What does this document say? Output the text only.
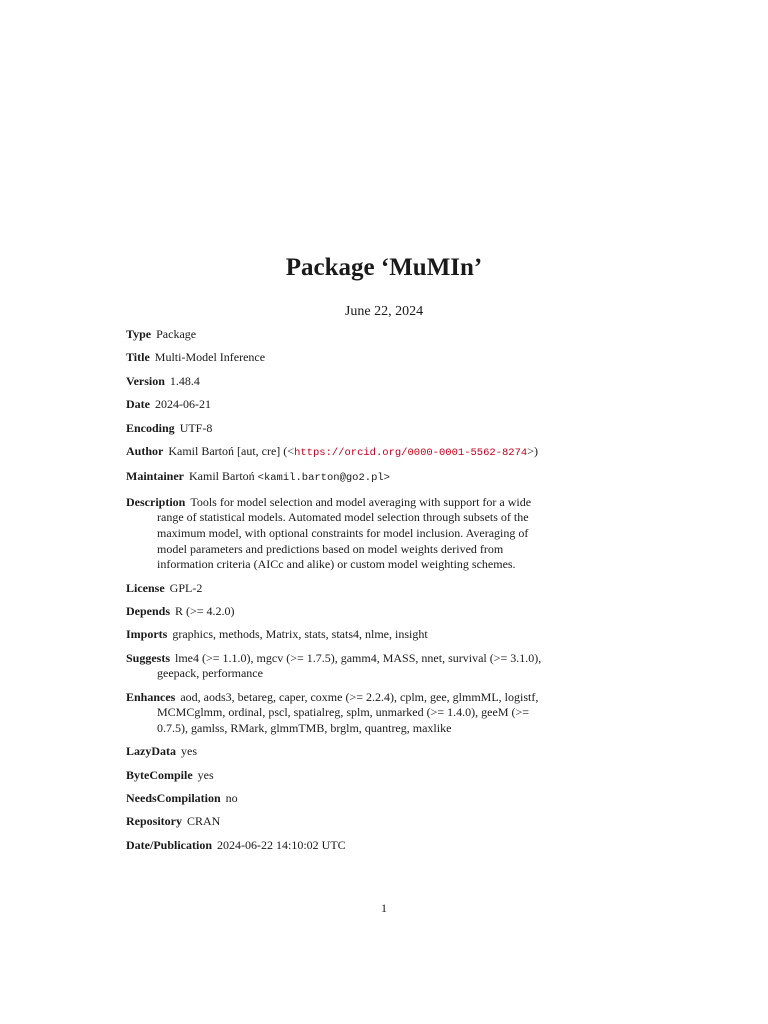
Package ‘MuMIn’
June 22, 2024
Type Package
Title Multi-Model Inference
Version 1.48.4
Date 2024-06-21
Encoding UTF-8
Author Kamil Bartoń [aut, cre] (<https://orcid.org/0000-0001-5562-8274>)
Maintainer Kamil Bartoń <kamil.barton@go2.pl>
Description Tools for model selection and model averaging with support for a wide range of statistical models. Automated model selection through subsets of the maximum model, with optional constraints for model inclusion. Averaging of model parameters and predictions based on model weights derived from information criteria (AICc and alike) or custom model weighting schemes.
License GPL-2
Depends R (>= 4.2.0)
Imports graphics, methods, Matrix, stats, stats4, nlme, insight
Suggests lme4 (>= 1.1.0), mgcv (>= 1.7.5), gamm4, MASS, nnet, survival (>= 3.1.0), geepack, performance
Enhances aod, aods3, betareg, caper, coxme (>= 2.2.4), cplm, gee, glmmML, logistf, MCMCglmm, ordinal, pscl, spatialreg, splm, unmarked (>= 1.4.0), geeM (>= 0.7.5), gamlss, RMark, glmmTMB, brglm, quantreg, maxlike
LazyData yes
ByteCompile yes
NeedsCompilation no
Repository CRAN
Date/Publication 2024-06-22 14:10:02 UTC
1
